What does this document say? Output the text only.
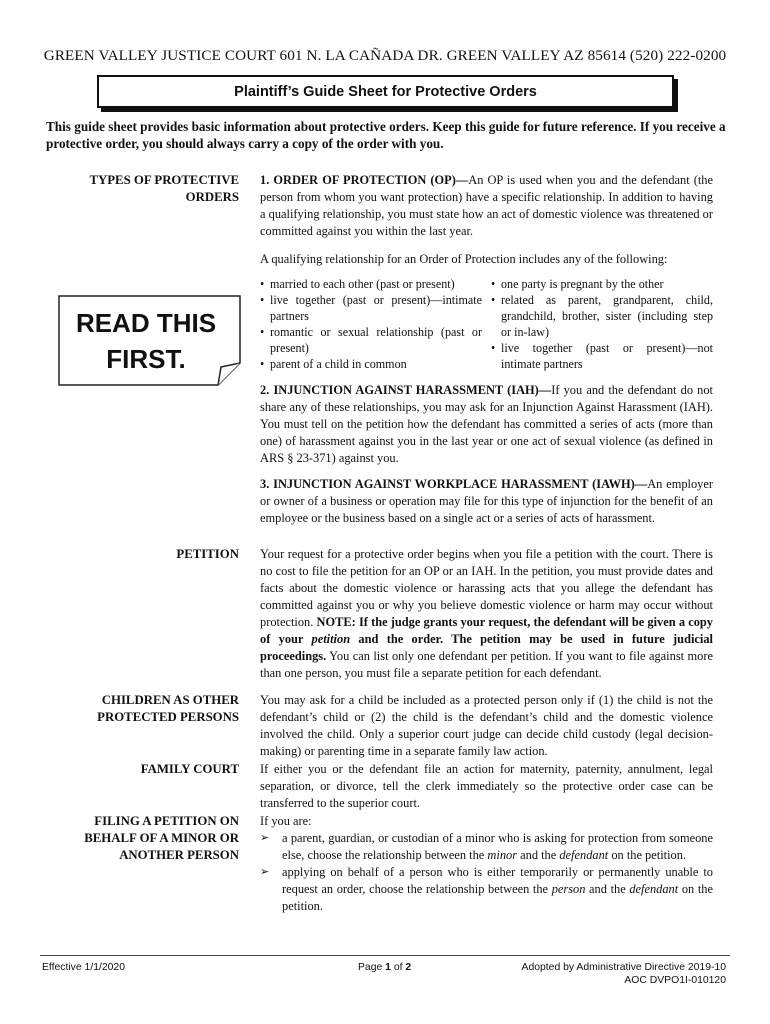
GREEN VALLEY JUSTICE COURT 601 N. LA CAÑADA DR. GREEN VALLEY AZ 85614 (520) 222-0200
Plaintiff’s Guide Sheet for Protective Orders
This guide sheet provides basic information about protective orders. Keep this guide for future reference. If you receive a protective order, you should always carry a copy of the order with you.
TYPES OF PROTECTIVE
ORDERS

1. ORDER OF PROTECTION (OP)—An OP is used when you and the defendant (the person from whom you want protection) have a specific relationship. In addition to having a qualifying relationship, you must state how an act of domestic violence was threatened or committed against you within the last year.

A qualifying relationship for an Order of Protection includes any of the following:
• married to each other (past or present)
• live together (past or present)—intimate partners
• romantic or sexual relationship (past or present)
• parent of a child in common
• one party is pregnant by the other
• related as parent, grandparent, child, grandchild, brother, sister (including step or in-law)
• live together (past or present)—not intimate partners
READ THIS
FIRST.

2. INJUNCTION AGAINST HARASSMENT (IAH)—If you and the defendant do not share any of these relationships, you may ask for an Injunction Against Harassment (IAH). You must tell on the petition how the defendant has committed a series of acts (more than one) of harassment against you in the last year or one act of sexual violence (as defined in ARS § 23-371) against you.

3. INJUNCTION AGAINST WORKPLACE HARASSMENT (IAWH)—An employer or owner of a business or operation may file for this type of injunction for the benefit of an employee or the business based on a single act or a series of acts of harassment.

PETITION Your request for a protective order begins when you file a petition with the court. There is no cost to file the petition for an OP or an IAH. In the petition, you must provide dates and facts about the domestic violence or harassing acts that you allege the defendant has committed against you or why you believe domestic violence or harm may occur without protection. NOTE: If the judge grants your request, the defendant will be given a copy of your petition and the order. The petition may be used in future judicial proceedings. You can list only one defendant per petition. If you want to file against more than one person, you must file a separate petition for each defendant.

CHILDREN AS OTHER
PROTECTED PERSONS
You may ask for a child be included as a protected person only if (1) the child is not the defendant’s child or (2) the child is the defendant’s child and the domestic violence involved the child. Only a superior court judge can decide child custody (legal decision-making) or parenting time in a separate family law action.
FAMILY COURT If either you or the defendant file an action for maternity, paternity, annulment, legal separation, or divorce, tell the clerk immediately so the protective order case can be transferred to the superior court.
FILING A PETITION ON
BEHALF OF A MINOR OR
ANOTHER PERSON

If you are:

➢	a parent, guardian, or custodian of a minor who is asking for protection from someone else, choose the relationship between the minor and the defendant on the petition.
➢	applying on behalf of a person who is either temporarily or permanently unable to request an order, choose the relationship between the person and the defendant on the petition.
Effective 1/1/2020	Page 1 of 2	Adopted by Administrative Directive 2019-10
AOC DVPO1I-010120
